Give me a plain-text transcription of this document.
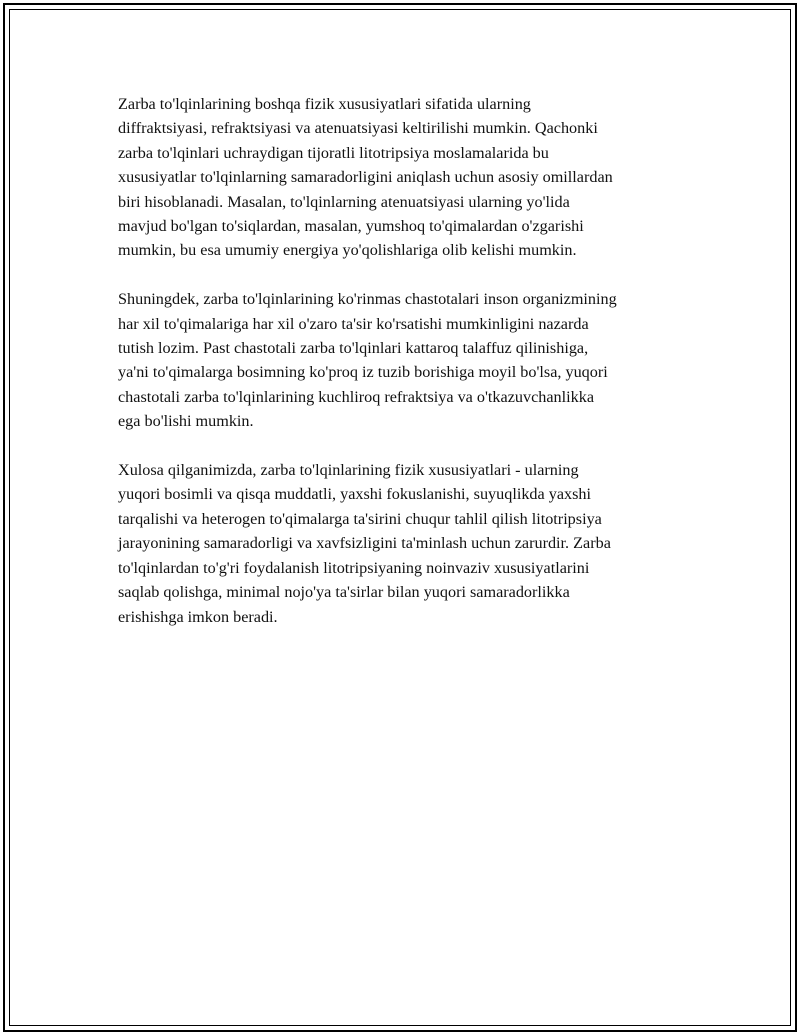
Zarba to'lqinlarining boshqa fizik xususiyatlari sifatida ularning
diffraktsiyasi, refraktsiyasi va atenuatsiyasi keltirilishi mumkin. Qachonki
zarba to'lqinlari uchraydigan tijoratli litotripsiya moslamalarida bu
xususiyatlar to'lqinlarning samaradorligini aniqlash uchun asosiy omillardan
biri hisoblanadi. Masalan, to'lqinlarning atenuatsiyasi ularning yo'lida
mavjud bo'lgan to'siqlardan, masalan, yumshoq to'qimalardan o'zgarishi
mumkin, bu esa umumiy energiya yo'qolishlariga olib kelishi mumkin.

Shuningdek, zarba to'lqinlarining ko'rinmas chastotalari inson organizmining
har xil to'qimalariga har xil o'zaro ta'sir ko'rsatishi mumkinligini nazarda
tutish lozim. Past chastotali zarba to'lqinlari kattaroq talaffuz qilinishiga,
ya'ni to'qimalarga bosimning ko'proq iz tuzib borishiga moyil bo'lsa, yuqori
chastotali zarba to'lqinlarining kuchliroq refraktsiya va o'tkazuvchanlikka
ega bo'lishi mumkin.

Xulosa qilganimizda, zarba to'lqinlarining fizik xususiyatlari - ularning
yuqori bosimli va qisqa muddatli, yaxshi fokuslanishi, suyuqlikda yaxshi
tarqalishi va heterogen to'qimalarga ta'sirini chuqur tahlil qilish litotripsiya
jarayonining samaradorligi va xavfsizligini ta'minlash uchun zarurdir. Zarba
to'lqinlardan to'g'ri foydalanish litotripsiyaning noinvaziv xususiyatlarini
saqlab qolishga, minimal nojo'ya ta'sirlar bilan yuqori samaradorlikka
erishishga imkon beradi.
